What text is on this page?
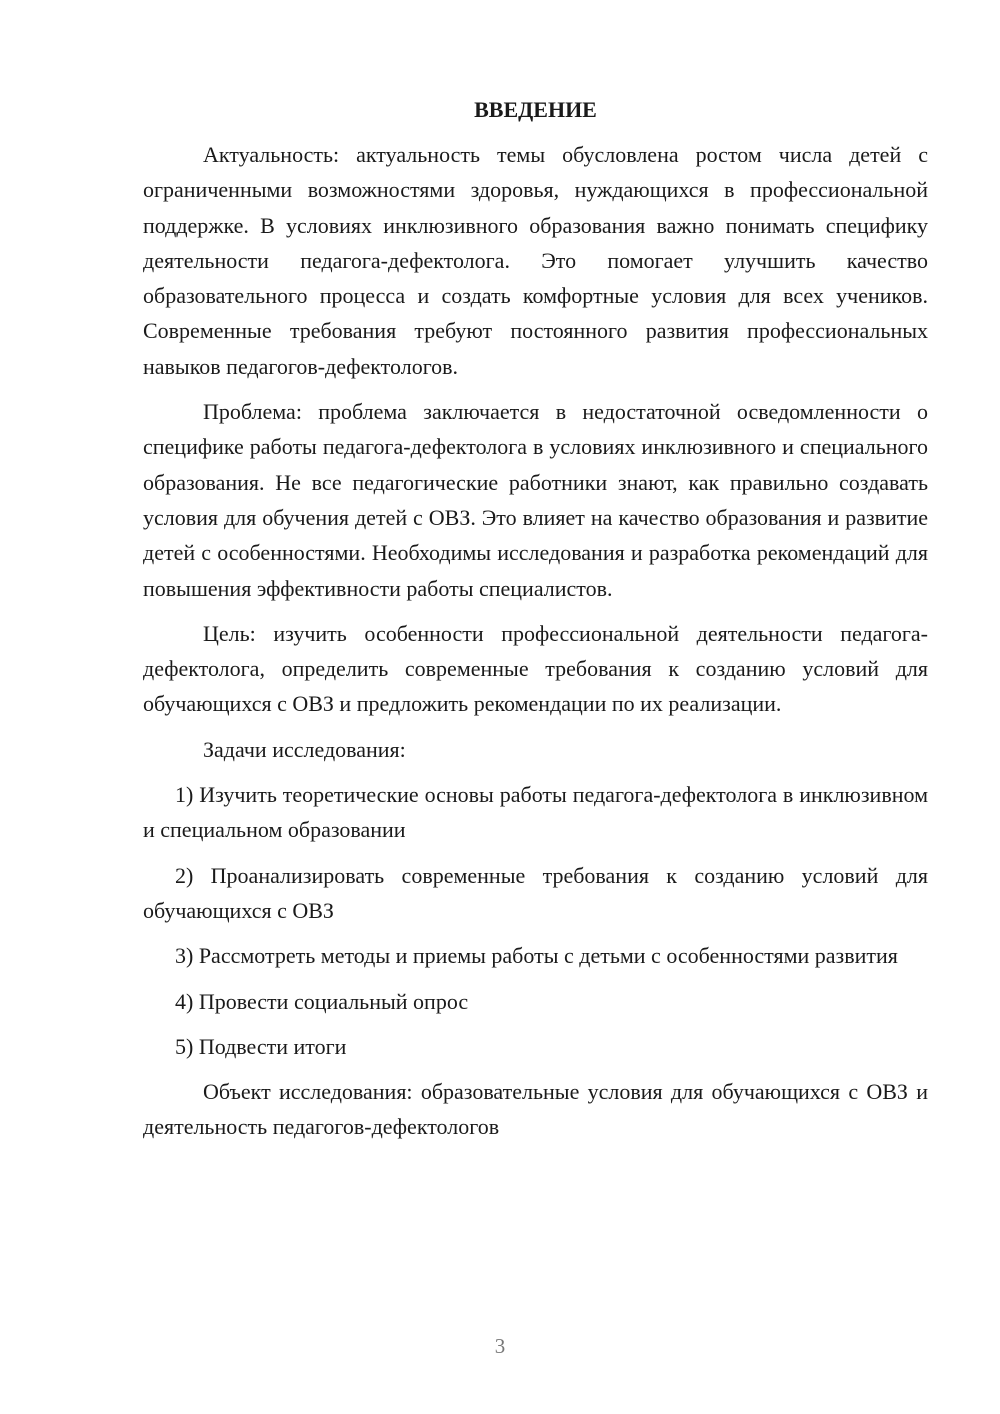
ВВЕДЕНИЕ

Актуальность: актуальность темы обусловлена ростом числа детей с ограниченными возможностями здоровья, нуждающихся в профессиональной поддержке. В условиях инклюзивного образования важно понимать специфику деятельности педагога-дефектолога. Это помогает улучшить качество образовательного процесса и создать комфортные условия для всех учеников. Современные требования требуют постоянного развития профессиональных навыков педагогов-дефектологов.

Проблема: проблема заключается в недостаточной осведомленности о специфике работы педагога-дефектолога в условиях инклюзивного и специального образования. Не все педагогические работники знают, как правильно создавать условия для обучения детей с ОВЗ. Это влияет на качество образования и развитие детей с особенностями. Необходимы исследования и разработка рекомендаций для повышения эффективности работы специалистов.

Цель: изучить особенности профессиональной деятельности педагога-дефектолога, определить современные требования к созданию условий для обучающихся с ОВЗ и предложить рекомендации по их реализации.

Задачи исследования:

1) Изучить теоретические основы работы педагога-дефектолога в инклюзивном и специальном образовании

2) Проанализировать современные требования к созданию условий для обучающихся с ОВЗ

3) Рассмотреть методы и приемы работы с детьми с особенностями развития

4) Провести социальный опрос

5) Подвести итоги

Объект исследования: образовательные условия для обучающихся с ОВЗ и деятельность педагогов-дефектологов

3
